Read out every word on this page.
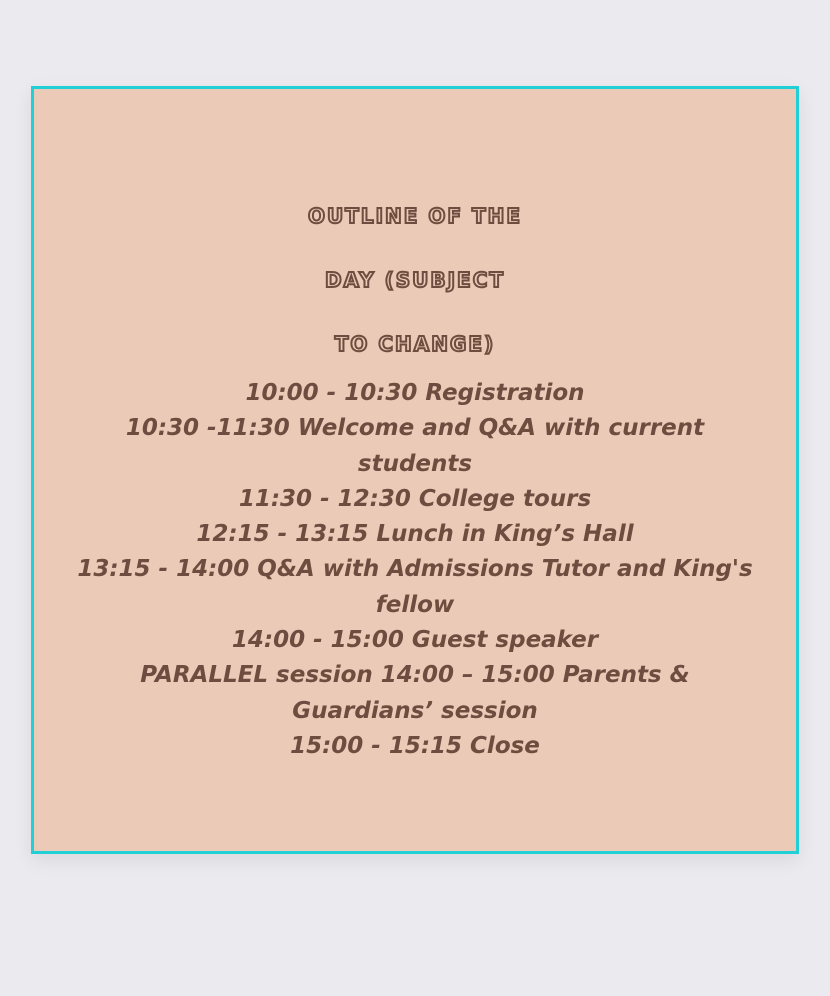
OUTLINE OF THE
DAY (SUBJECT
TO CHANGE)
10:00 - 10:30 Registration
10:30 -11:30 Welcome and Q&A with current students
11:30 - 12:30 College tours
12:15 - 13:15 Lunch in King’s Hall
13:15 - 14:00 Q&A with Admissions Tutor and King's fellow
14:00 - 15:00 Guest speaker
PARALLEL session 14:00 – 15:00 Parents & Guardians’ session
15:00 - 15:15 Close
